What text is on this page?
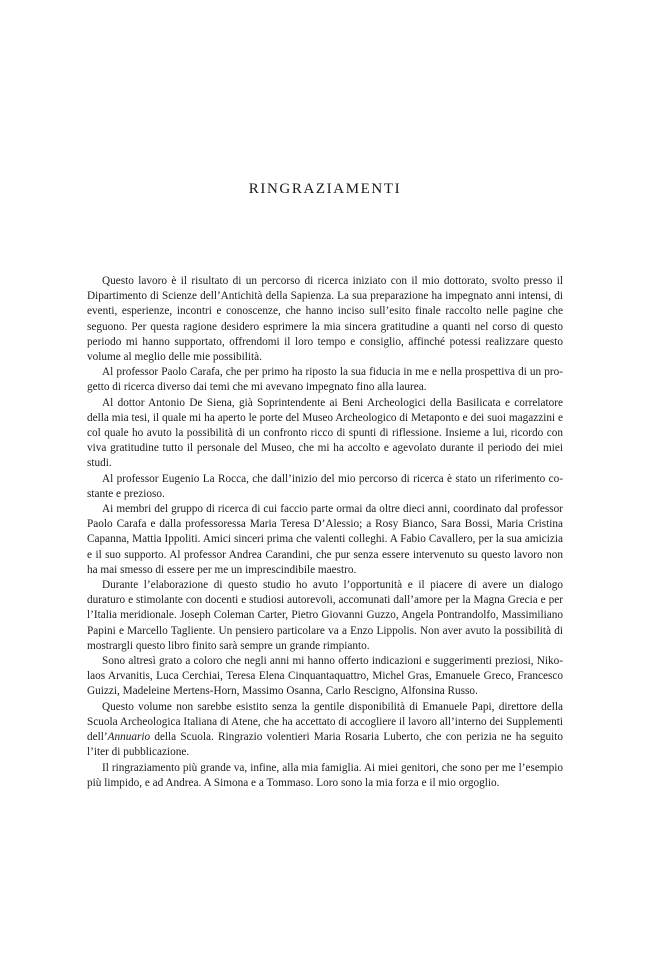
RINGRAZIAMENTI

Questo lavoro è il risultato di un percorso di ricerca iniziato con il mio dottorato, svolto presso il Dipartimento di Scienze dell’Antichità della Sapienza. La sua preparazione ha impegnato anni intensi, di eventi, esperienze, incontri e conoscenze, che hanno inciso sull’esito finale raccolto nelle pagine che seguono. Per questa ragione desidero esprimere la mia sincera gratitudine a quanti nel corso di questo periodo mi hanno supportato, offrendomi il loro tempo e consiglio, affinché potessi realizzare questo volume al meglio delle mie possibilità.

Al professor Paolo Carafa, che per primo ha riposto la sua fiducia in me e nella prospettiva di un progetto di ricerca diverso dai temi che mi avevano impegnato fino alla laurea.

Al dottor Antonio De Siena, già Soprintendente ai Beni Archeologici della Basilicata e correlatore della mia tesi, il quale mi ha aperto le porte del Museo Archeologico di Metaponto e dei suoi magazzini e col quale ho avuto la possibilità di un confronto ricco di spunti di riflessione. Insieme a lui, ricordo con viva gratitudine tutto il personale del Museo, che mi ha accolto e agevolato durante il periodo dei miei studi.

Al professor Eugenio La Rocca, che dall’inizio del mio percorso di ricerca è stato un riferimento costante e prezioso.

Ai membri del gruppo di ricerca di cui faccio parte ormai da oltre dieci anni, coordinato dal professor Paolo Carafa e dalla professoressa Maria Teresa D’Alessio; a Rosy Bianco, Sara Bossi, Maria Cristina Capanna, Mattia Ippoliti. Amici sinceri prima che valenti colleghi. A Fabio Cavallero, per la sua amicizia e il suo supporto. Al professor Andrea Carandini, che pur senza essere intervenuto su questo lavoro non ha mai smesso di essere per me un imprescindibile maestro.

Durante l’elaborazione di questo studio ho avuto l’opportunità e il piacere di avere un dialogo duraturo e stimolante con docenti e studiosi autorevoli, accomunati dall’amore per la Magna Grecia e per l’Italia meridionale. Joseph Coleman Carter, Pietro Giovanni Guzzo, Angela Pontrandolfo, Massimiliano Papini e Marcello Tagliente. Un pensiero particolare va a Enzo Lippolis. Non aver avuto la possibilità di mostrargli questo libro finito sarà sempre un grande rimpianto.

Sono altresì grato a coloro che negli anni mi hanno offerto indicazioni e suggerimenti preziosi, Nikolaos Arvanitis, Luca Cerchiai, Teresa Elena Cinquantaquattro, Michel Gras, Emanuele Greco, Francesco Guizzi, Madeleine Mertens-Horn, Massimo Osanna, Carlo Rescigno, Alfonsina Russo.

Questo volume non sarebbe esistito senza la gentile disponibilità di Emanuele Papi, direttore della Scuola Archeologica Italiana di Atene, che ha accettato di accogliere il lavoro all’interno dei Supplementi dell’Annuario della Scuola. Ringrazio volentieri Maria Rosaria Luberto, che con perizia ne ha seguito l’iter di pubblicazione.

Il ringraziamento più grande va, infine, alla mia famiglia. Ai miei genitori, che sono per me l’esempio più limpido, e ad Andrea. A Simona e a Tommaso. Loro sono la mia forza e il mio orgoglio.
